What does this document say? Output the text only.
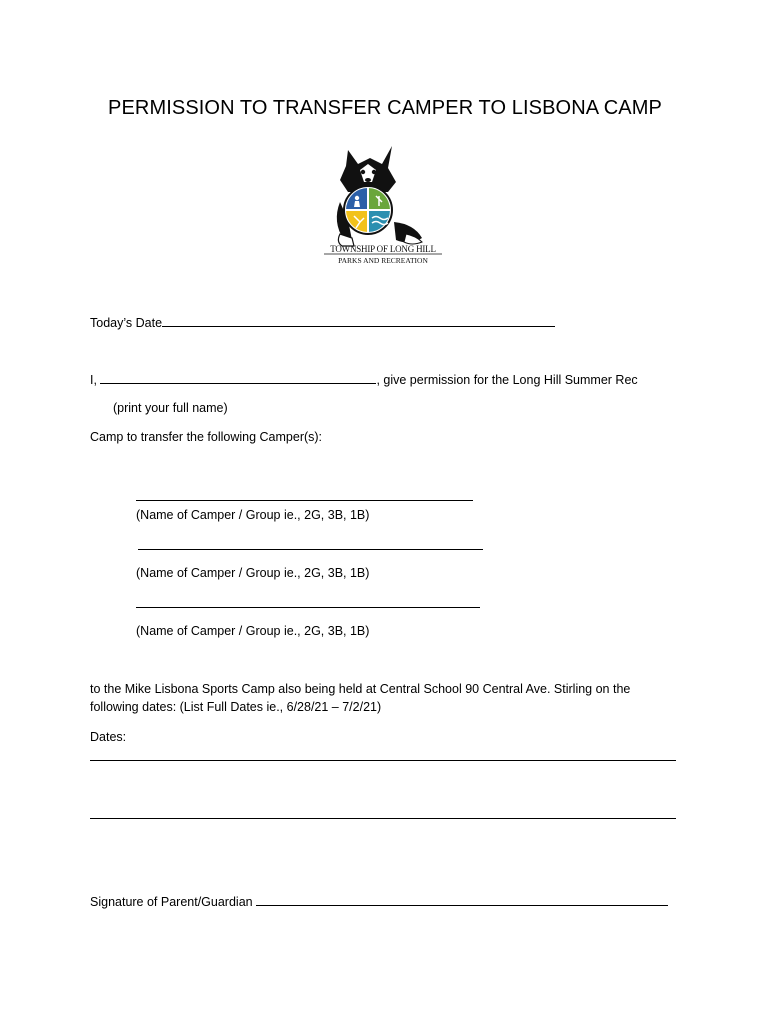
PERMISSION TO TRANSFER CAMPER TO LISBONA CAMP
TOWNSHIP OF LONG HILL
PARKS AND RECREATION
Today’s Date
I,	, give permission for the Long Hill Summer Rec
(print your full name)
Camp to transfer the following Camper(s):
(Name of Camper / Group ie., 2G, 3B, 1B)
(Name of Camper / Group ie., 2G, 3B, 1B)
(Name of Camper / Group ie., 2G, 3B, 1B)
to the Mike Lisbona Sports Camp also being held at Central School 90 Central Ave. Stirling on the
following dates: (List Full Dates ie., 6/28/21 – 7/2/21)
Dates:
Signature of Parent/Guardian
